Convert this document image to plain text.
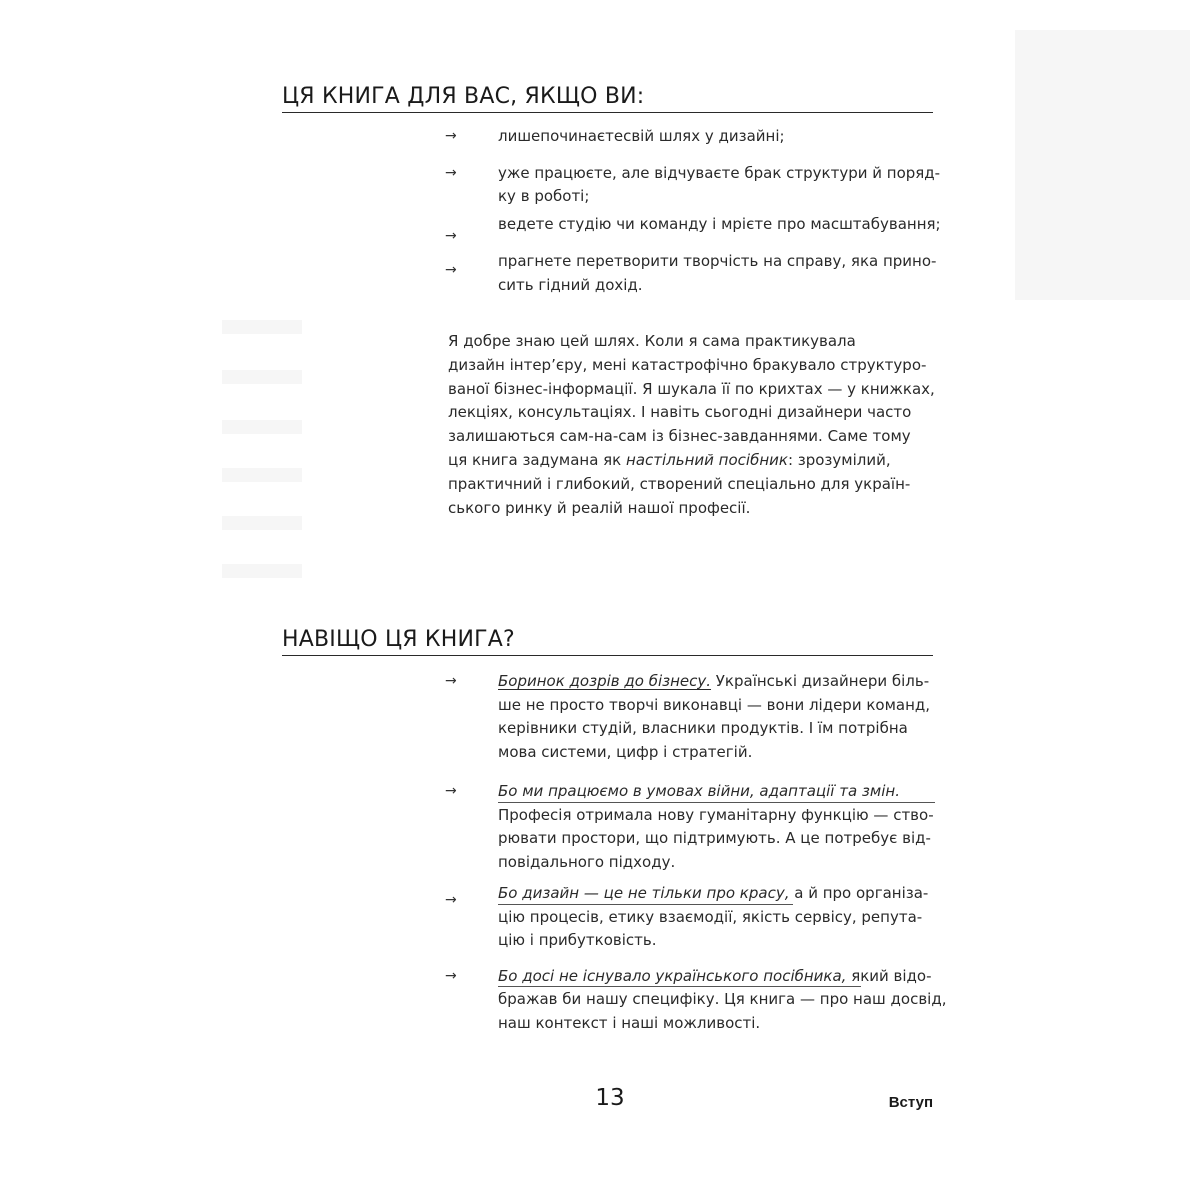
ЦЯ КНИГА ДЛЯ ВАС, ЯКЩО ВИ:
→	лишепочинаєтесвій шлях у дизайні;
→	уже працюєте, але відчуваєте брак структури й поряд-
ку в роботі;
→
ведете студію чи команду і мрієте про масштабування;
→	прагнете перетворити творчість на справу, яка прино-
сить гідний дохід.

Я добре знаю цей шлях. Коли я сама практикувала
дизайн інтер’єру, мені катастрофічно бракувало структуро-
ваної бізнес-інформації. Я шукала її по крихтах — у книжках,
лекціях, консультаціях. І навіть сьогодні дизайнери часто
залишаються сам-на-сам із бізнес-завданнями. Саме тому
ця книга задумана як настільний посібник: зрозумілий,
практичний і глибокий, створений спеціально для україн-
ського ринку й реалій нашої професії.

НАВІЩО ЦЯ КНИГА?
→	Боринок дозрів до бізнесу. Українські дизайнери біль-
ше не просто творчі виконавці — вони лідери команд,
керівники студій, власники продуктів. І їм потрібна
мова системи, цифр і стратегій.
→	Бо ми працюємо в умовах війни, адаптації та змін.
Професія отримала нову гуманітарну функцію — ство-
рювати простори, що підтримують. А це потребує від-
повідального підходу.
→	Бо дизайн — це не тільки про красу, а й про організа-
цію процесів, етику взаємодії, якість сервісу, репута-
цію і прибутковість.
→	Бо досі не існувало українського посібника, який відо-
бражав би нашу специфіку. Ця книга — про наш досвід,
наш контекст і наші можливості.
13	Вступ
